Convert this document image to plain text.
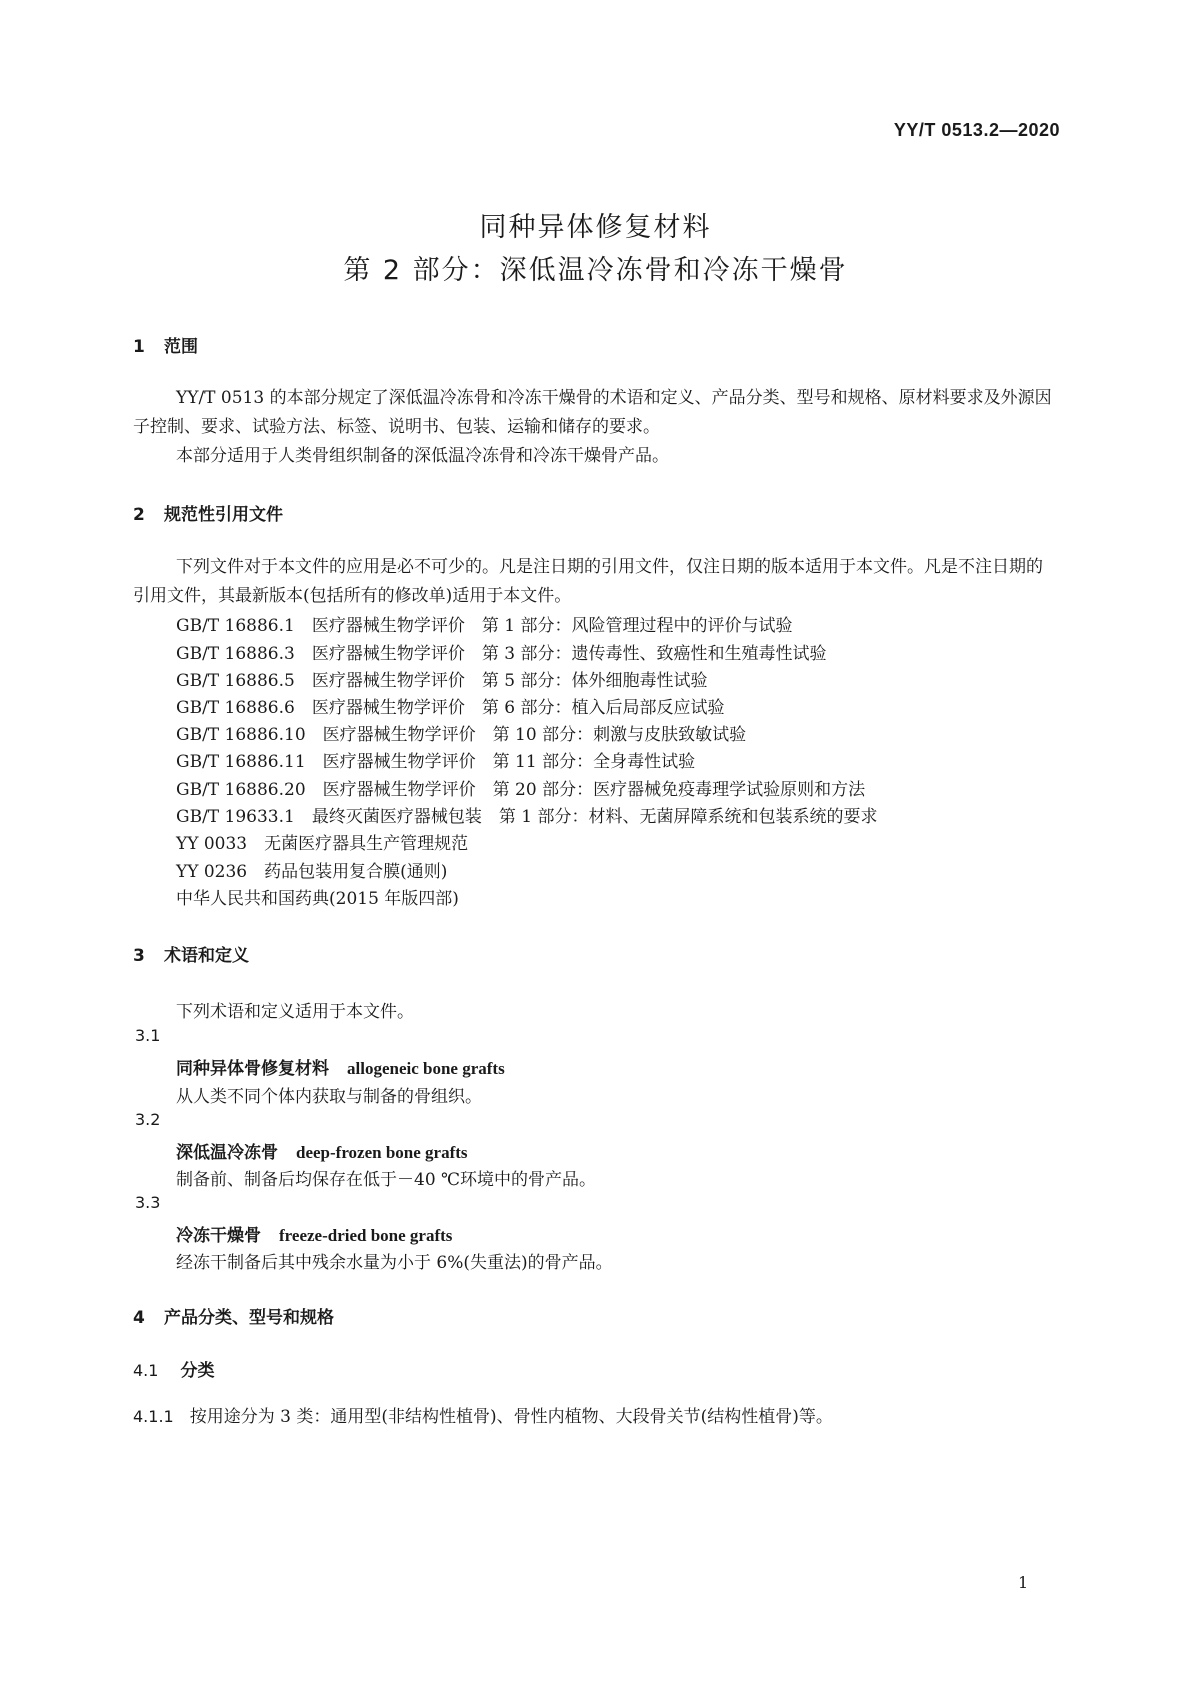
YY/T 0513.2—2020
同种异体修复材料
第 2 部分：深低温冷冻骨和冷冻干燥骨
1 范围
YY/T 0513 的本部分规定了深低温冷冻骨和冷冻干燥骨的术语和定义、产品分类、型号和规格、原材料要求及外源因子控制、要求、试验方法、标签、说明书、包装、运输和储存的要求。
本部分适用于人类骨组织制备的深低温冷冻骨和冷冻干燥骨产品。
2 规范性引用文件
下列文件对于本文件的应用是必不可少的。凡是注日期的引用文件，仅注日期的版本适用于本文件。凡是不注日期的引用文件，其最新版本(包括所有的修改单)适用于本文件。
GB/T 16886.1　医疗器械生物学评价　第 1 部分：风险管理过程中的评价与试验
GB/T 16886.3　医疗器械生物学评价　第 3 部分：遗传毒性、致癌性和生殖毒性试验
GB/T 16886.5　医疗器械生物学评价　第 5 部分：体外细胞毒性试验
GB/T 16886.6　医疗器械生物学评价　第 6 部分：植入后局部反应试验
GB/T 16886.10　医疗器械生物学评价　第 10 部分：刺激与皮肤致敏试验
GB/T 16886.11　医疗器械生物学评价　第 11 部分：全身毒性试验
GB/T 16886.20　医疗器械生物学评价　第 20 部分：医疗器械免疫毒理学试验原则和方法
GB/T 19633.1　最终灭菌医疗器械包装　第 1 部分：材料、无菌屏障系统和包装系统的要求
YY 0033　无菌医疗器具生产管理规范
YY 0236　药品包装用复合膜(通则)
中华人民共和国药典(2015 年版四部)
3 术语和定义
下列术语和定义适用于本文件。
3.1
同种异体骨修复材料 allogeneic bone grafts
从人类不同个体内获取与制备的骨组织。
3.2
深低温冷冻骨 deep-frozen bone grafts
制备前、制备后均保存在低于－40 ℃环境中的骨产品。
3.3
冷冻干燥骨 freeze-dried bone grafts
经冻干制备后其中残余水量为小于 6%(失重法)的骨产品。
4 产品分类、型号和规格
4.1 分类
4.1.1 按用途分为 3 类：通用型(非结构性植骨)、骨性内植物、大段骨关节(结构性植骨)等。
1
